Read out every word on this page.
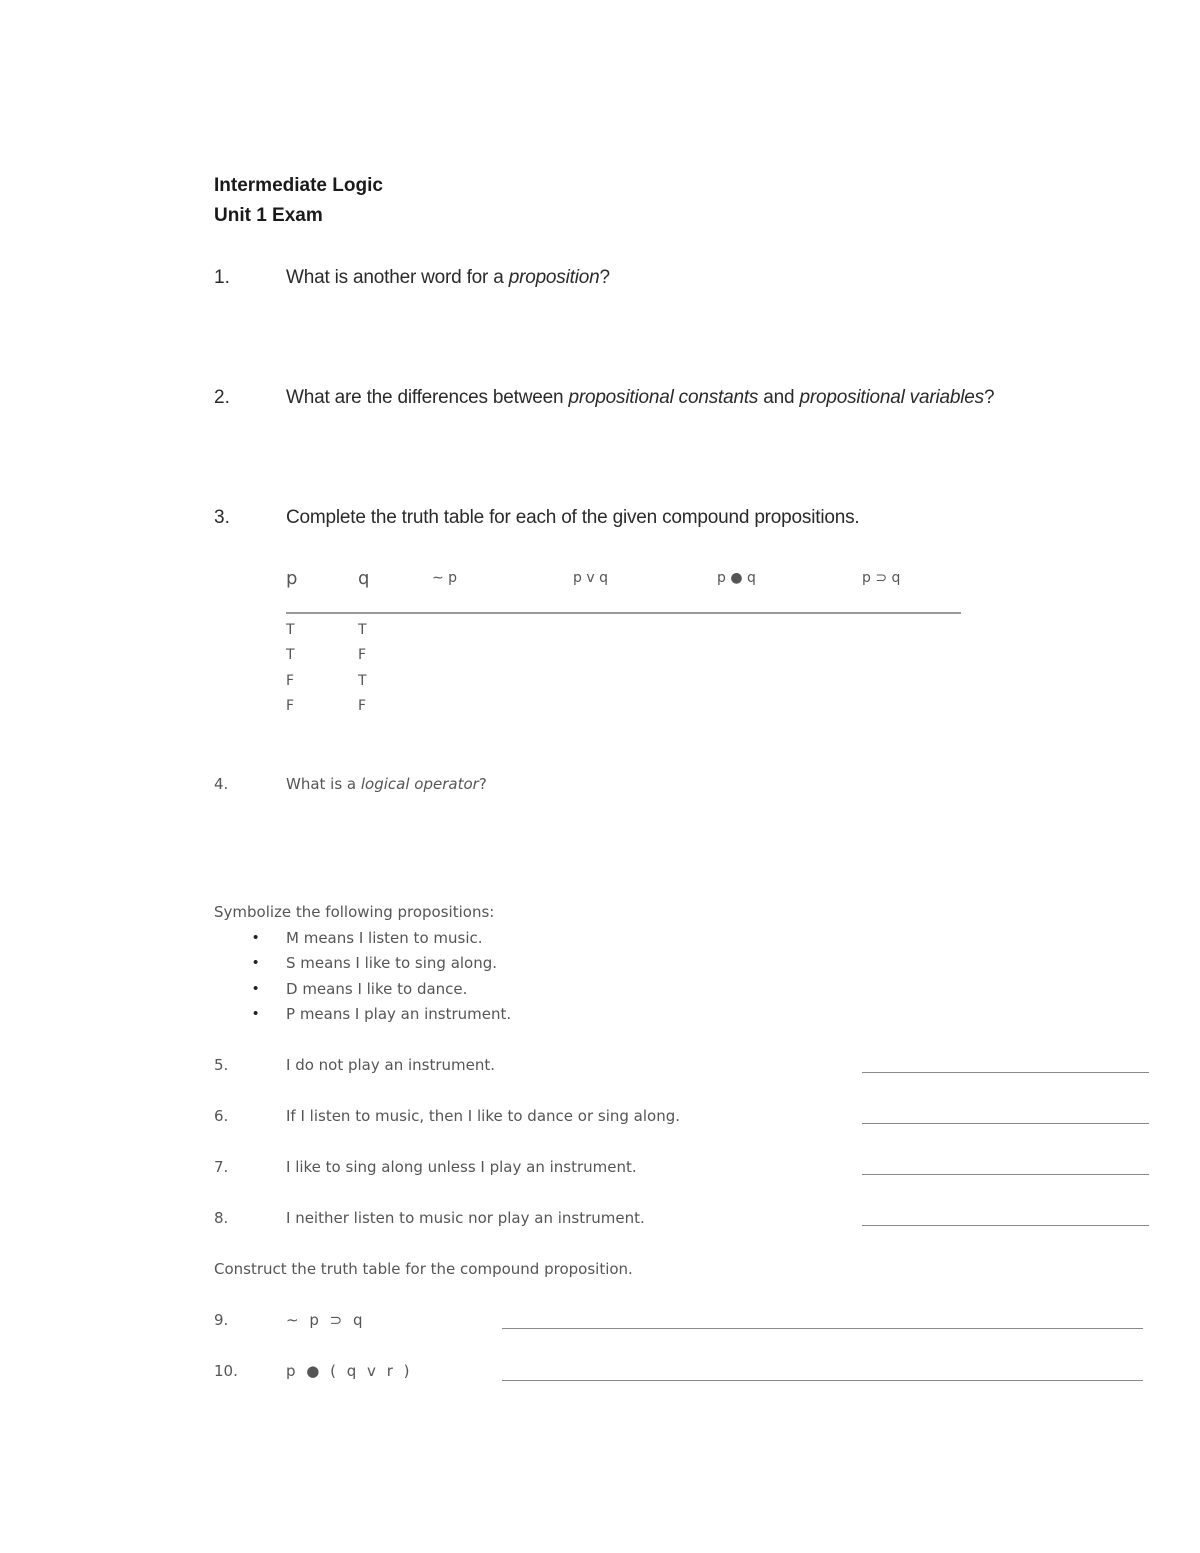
Intermediate Logic
Unit 1 Exam
1.	What is another word for a proposition?
2.	What are the differences between propositional constants and propositional variables?
3.	Complete the truth table for each of the given compound propositions.
p	q	∼ p	p v q	p ● q	p ⊃ q
T	T
T	F
F	T
F	F
4.	What is a logical operator?
Symbolize the following propositions:
• M means I listen to music.
• S means I like to sing along.
• D means I like to dance.
• P means I play an instrument.
5.	I do not play an instrument.
6.	If I listen to music, then I like to dance or sing along.
7.	I like to sing along unless I play an instrument.
8.	I neither listen to music nor play an instrument.
Construct the truth table for the compound proposition.
9.	∼ p ⊃ q
10.	p ● ( q v r )
